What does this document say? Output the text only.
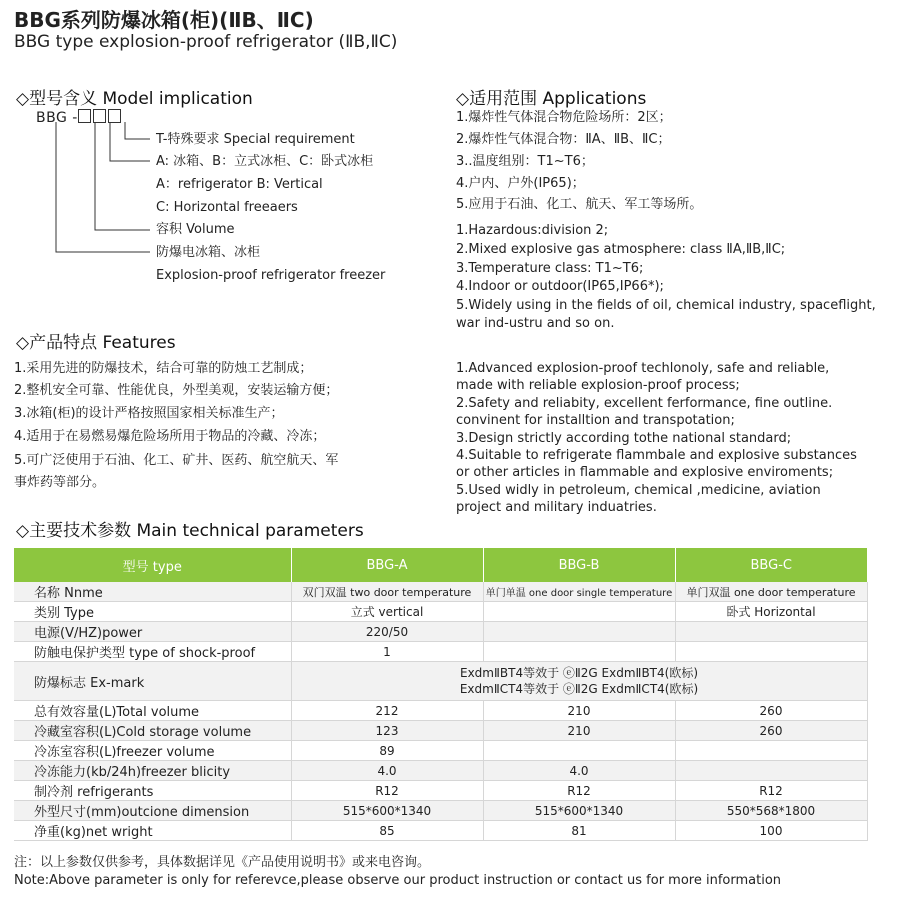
BBG系列防爆冰箱(柜)(ⅡB、ⅡC)
BBG type explosion-proof refrigerator (ⅡB,ⅡC)
◇型号含义 Model implication
BBG -
T-特殊要求 Special requirement
A: 冰箱、B：立式冰柜、C：卧式冰柜
A：refrigerator B: Vertical
C: Horizontal freeaers
容积 Volume
防爆电冰箱、冰柜
Explosion-proof refrigerator freezer
◇适用范围 Applications
1.爆炸性气体混合物危险场所：2区；
2.爆炸性气体混合物：ⅡA、ⅡB、ⅡC；
3..温度组别：T1~T6；
4.户内、户外(IP65)；
5.应用于石油、化工、航天、军工等场所。
1.Hazardous:division 2;
2.Mixed explosive gas atmosphere: class ⅡA,ⅡB,ⅡC;
3.Temperature class: T1~T6;
4.Indoor or outdoor(IP65,IP66*);
5.Widely using in the fields of oil, chemical industry, spaceflight,
war ind-ustru and so on.
◇产品特点 Features
1.采用先进的防爆技术，结合可靠的防烛工艺制成；
2.整机安全可靠、性能优良，外型美观，安装运输方便；
3.冰箱(柜)的设计严格按照国家相关标准生产；
4.适用于在易燃易爆危险场所用于物品的冷藏、冷冻；
5.可广泛使用于石油、化工、矿井、医药、航空航天、军
事炸药等部分。
1.Advanced explosion-proof techlonoly, safe and reliable,
made with reliable explosion-proof process;
2.Safety and reliabity, excellent ferformance, fine outline.
convinent for installtion and transpotation;
3.Design strictly according tothe national standard;
4.Suitable to refrigerate flammbale and explosive substances
or other articles in flammable and explosive enviroments;
5.Used widly in petroleum, chemical ,medicine, aviation
project and military induatries.
◇主要技术参数 Main technical parameters
型号 type	BBG-A	BBG-B	BBG-C
名称 Nnme	双门双温 two door temperature	单门单温 one door single temperature	单门双温 one door temperature
类别 Type	立式 vertical		卧式 Horizontal
电源(V/HZ)power	220/50		
防触电保护类型 type of shock-proof	1		
防爆标志 Ex-mark	ExdmⅡBT4等效于 ⓔⅡ2G ExdmⅡBT4(欧标)
ExdmⅡCT4等效于 ⓔⅡ2G ExdmⅡCT4(欧标)		

总有效容量(L)Total volume	212	210	260
冷藏室容积(L)Cold storage volume	123	210	260
冷冻室容积(L)freezer volume	89		
冷冻能力(kb/24h)freezer blicity	4.0	4.0	
制冷剂 refrigerants	R12	R12	R12
外型尺寸(mm)outcione dimension	515*600*1340	515*600*1340	550*568*1800
净重(kg)net wright	85	81	100
注：以上参数仅供参考，具体数据详见《产品使用说明书》或来电咨询。
Note:Above parameter is only for referevce,please observe our product instruction or contact us for more information
